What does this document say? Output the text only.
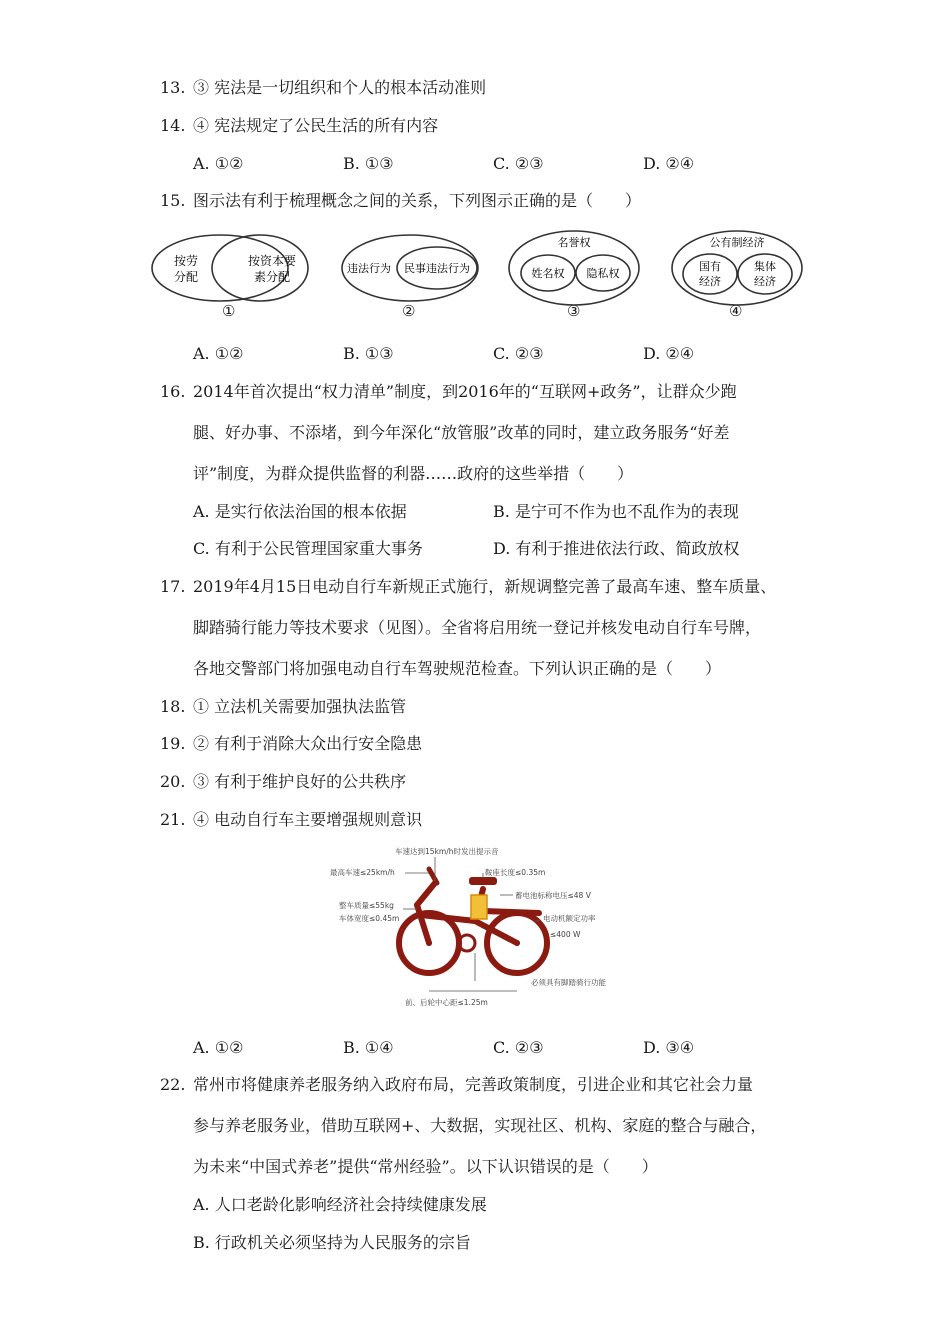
13. ③ 宪法是一切组织和个人的根本活动准则
14. ④ 宪法规定了公民生活的所有内容
A. ①②	B. ①③	C. ②③	D. ②④
15. 图示法有利于梳理概念之间的关系，下列图示正确的是（　　）
按劳
分配
按资本要
素分配
违法行为 民事违法行为
名誉权
姓名权 隐私权
公有制经济
国有
经济
集体
经济
①	②	③	④
A. ①②	B. ①③	C. ②③	D. ②④
16. 2014年首次提出“权力清单”制度，到2016年的“互联网+政务”，让群众少跑
腿、好办事、不添堵，到今年深化“放管服”改革的同时，建立政务服务“好差
评”制度，为群众提供监督的利器……政府的这些举措（　　）
A. 是实行依法治国的根本依据	B. 是宁可不作为也不乱作为的表现
C. 有利于公民管理国家重大事务	D. 有利于推进依法行政、简政放权
17. 2019年4月15日电动自行车新规正式施行，新规调整完善了最高车速、整车质量、
脚踏骑行能力等技术要求（见图）。全省将启用统一登记并核发电动自行车号牌，
各地交警部门将加强电动自行车驾驶规范检查。下列认识正确的是（　　）
18. ① 立法机关需要加强执法监管
19. ② 有利于消除大众出行安全隐患
20. ③ 有利于维护良好的公共秩序
21. ④ 电动自行车主要增强规则意识
车速达到15km/h时发出提示音
最高车速≤25km/h	鞍座长度≤0.35m
蓄电池标称电压≤48 V
整车质量≤55kg
车体宽度≤0.45m	电动机额定功率
≤400 W
必须具有脚踏骑行功能
前、后轮中心距≤1.25m
A. ①②	B. ①④	C. ②③	D. ③④
22. 常州市将健康养老服务纳入政府布局，完善政策制度，引进企业和其它社会力量
参与养老服务业，借助互联网+、大数据，实现社区、机构、家庭的整合与融合，
为未来“中国式养老”提供“常州经验”。以下认识错误的是（　　）
A. 人口老龄化影响经济社会持续健康发展
B. 行政机关必须坚持为人民服务的宗旨
